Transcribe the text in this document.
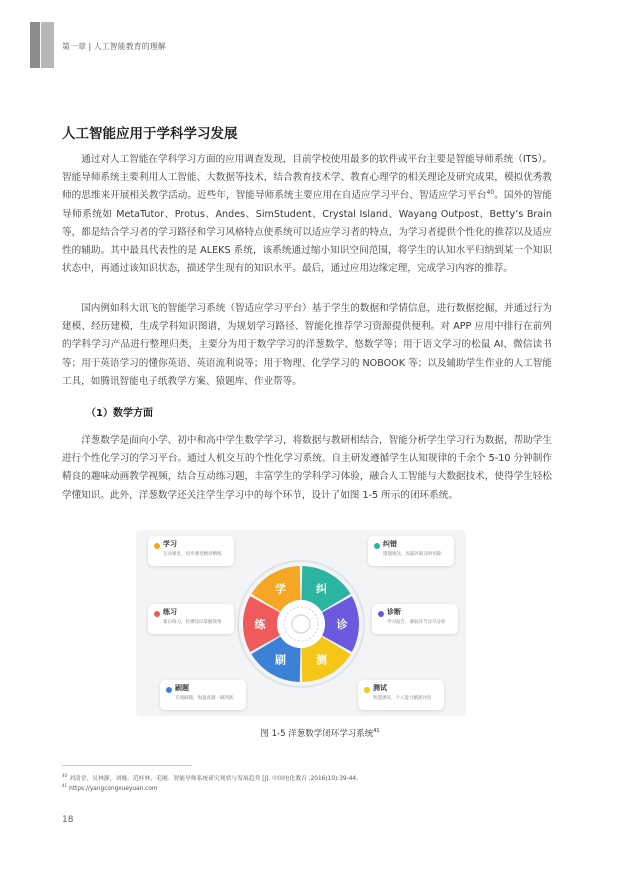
第一章 | 人工智能教育的理解
人工智能应用于学科学习发展

通过对人工智能在学科学习方面的应用调查发现，目前学校使用最多的软件或平台主要是智能导师系统（ITS）。智能导师系统主要利用人工智能、大数据等技术，结合教育技术学、教育心理学的相关理论及研究成果，模拟优秀教师的思维来开展相关教学活动。近些年，智能导师系统主要应用在自适应学习平台、智适应学习平台$^{40}$。国外的智能导师系统如 MetaTutor、Protus、Andes、SimStudent、Crystal Island、Wayang Outpost、Betty’s Brain 等，都是结合学习者的学习路径和学习风格特点使系统可以适应学习者的特点，为学习者提供个性化的推荐以及适应性的辅助。其中最具代表性的是 ALEKS 系统，该系统通过缩小知识空间范围，将学生的认知水平归纳到某一个知识状态中，再通过该知识状态，描述学生现有的知识水平。最后，通过应用边缘定理，完成学习内容的推荐。

国内例如科大讯飞的智能学习系统（智适应学习平台）基于学生的数据和学情信息，进行数据挖掘，并通过行为建模、经历建模，生成学科知识图谱，为规划学习路径、智能化推荐学习资源提供便利。对 APP 应用中排行在前列的学科学习产品进行整理归类，主要分为用于数学学习的洋葱数学、悠数学等；用于语文学习的松鼠 AI、微信读书等；用于英语学习的懂你英语、英语流利说等；用于物理、化学学习的 NOBOOK 等；以及辅助学生作业的人工智能工具，如腾讯智能电子纸教学方案、猿题库、作业帮等。

（1）数学方面

洋葱数学是面向小学、初中和高中学生数学学习，将数据与教研相结合，智能分析学生学习行为数据，帮助学生进行个性化学习的学习平台。通过人机交互的个性化学习系统、自主研发遵循学生认知规律的千余个 5-10 分钟制作精良的趣味动画教学视频，结合互动练习题，丰富学生的学科学习体验，融合人工智能与大数据技术，使得学生轻松学懂知识。此外，洋葱数学还关注学生学习中的每个环节，设计了如图 1-5 所示的闭环系统。

学习
互动课堂、同步课堂精讲精练
纠错
错题推送，查漏补缺及时消除
练习
课后练习，检测知识掌握效果
诊断
学习报告，薄弱环节详尽分析
刷题
专项刷题，海量真题一刷到底
测试
智能测试，个人能力精准评估
学	纠
诊
测
刷
练
图 1-5 洋葱数学闭环学习系统$^{41}$
$^{40}$刘清堂，吴林静，刘嫚，范桂林，毛刚．智能导师系统研究现状与发展趋势 [J]. 中国电化教育 ,2016(10):39-44.
$^{41}$https://yangcongxueyuan.com
18
